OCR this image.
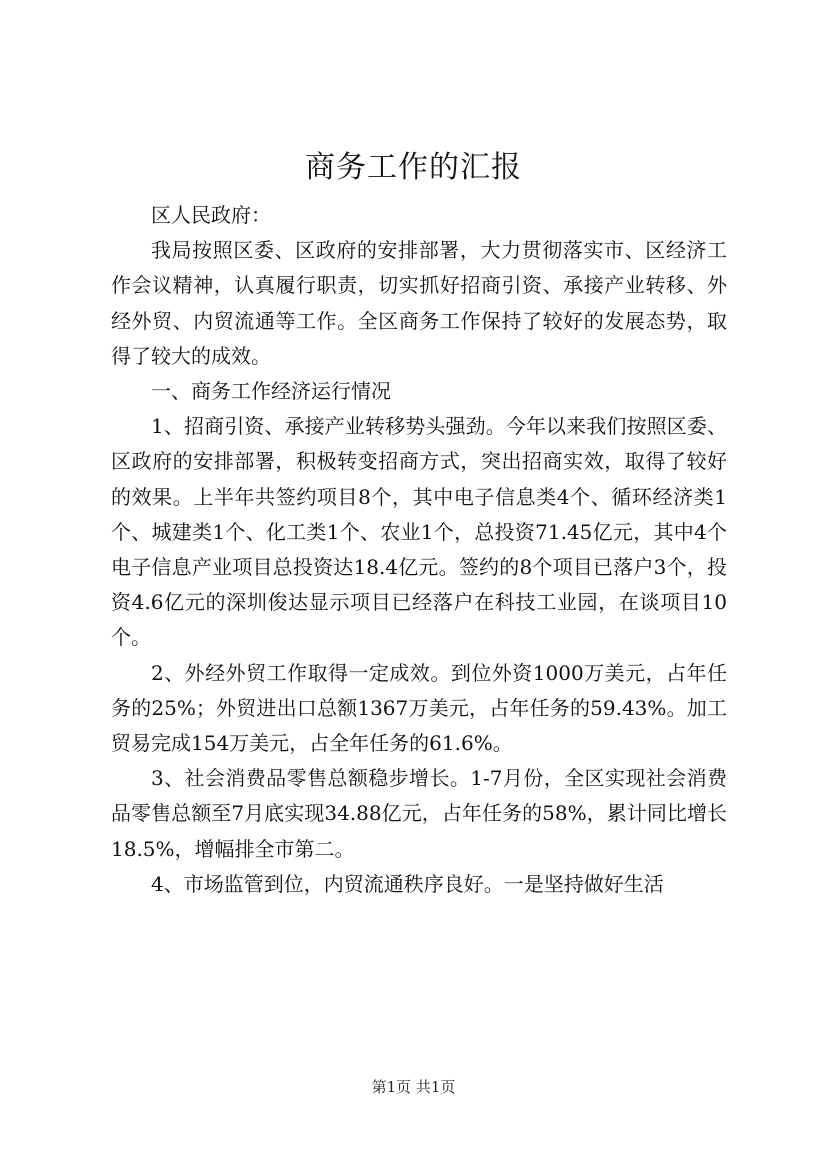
商务工作的汇报

区人民政府：

我局按照区委、区政府的安排部署，大力贯彻落实市、区经济工作会议精神，认真履行职责，切实抓好招商引资、承接产业转移、外经外贸、内贸流通等工作。全区商务工作保持了较好的发展态势，取得了较大的成效。

一、商务工作经济运行情况

1、招商引资、承接产业转移势头强劲。今年以来我们按照区委、区政府的安排部署，积极转变招商方式，突出招商实效，取得了较好的效果。上半年共签约项目8个，其中电子信息类4个、循环经济类1个、城建类1个、化工类1个、农业1个，总投资71.45亿元，其中4个电子信息产业项目总投资达18.4亿元。签约的8个项目已落户3个，投资4.6亿元的深圳俊达显示项目已经落户在科技工业园，在谈项目10个。

2、外经外贸工作取得一定成效。到位外资1000万美元，占年任务的25%；外贸进出口总额1367万美元，占年任务的59.43%。加工贸易完成154万美元，占全年任务的61.6%。

3、社会消费品零售总额稳步增长。1-7月份，全区实现社会消费品零售总额至7月底实现34.88亿元，占年任务的58%，累计同比增长18.5%，增幅排全市第二。

4、市场监管到位，内贸流通秩序良好。一是坚持做好生活

第1页 共1页
